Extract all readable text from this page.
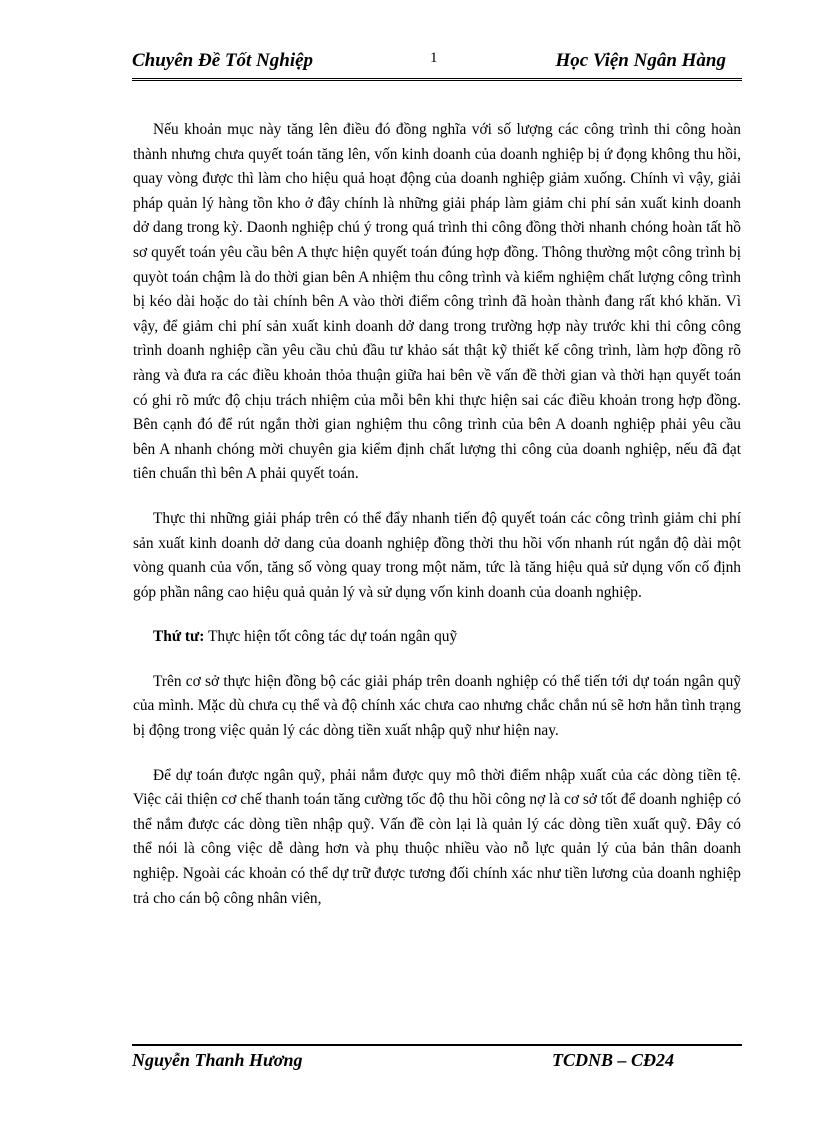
Chuyên Đề Tốt Nghiệp	1	Học Viện Ngân Hàng

Nếu khoản mục này tăng lên điều đó đồng nghĩa với số lượng các công trình thi công hoàn thành nhưng chưa quyết toán tăng lên, vốn kinh doanh của doanh nghiệp bị ứ đọng không thu hồi, quay vòng được thì làm cho hiệu quả hoạt động của doanh nghiệp giảm xuống. Chính vì vậy, giải pháp quản lý hàng tồn kho ở đây chính là những giải pháp làm giảm chi phí sản xuất kinh doanh dở dang trong kỳ. Daonh nghiệp chú ý trong quá trình thi công đồng thời nhanh chóng hoàn tất hồ sơ quyết toán yêu cầu bên A thực hiện quyết toán đúng hợp đồng. Thông thường một công trình bị quyòt toán chậm là do thời gian bên A nhiệm thu công trình và kiểm nghiệm chất lượng công trình bị kéo dài hoặc do tài chính bên A vào thời điểm công trình đã hoàn thành đang rất khó khăn. Vì vậy, để giảm chi phí sản xuất kinh doanh dở dang trong trường hợp này trước khi thi công công trình doanh nghiệp cần yêu cầu chủ đầu tư khảo sát thật kỹ thiết kế công trình, làm hợp đồng rõ ràng và đưa ra các điều khoản thỏa thuận giữa hai bên về vấn đề thời gian và thời hạn quyết toán có ghi rõ mức độ chịu trách nhiệm của mỗi bên khi thực hiện sai các điều khoản trong hợp đồng. Bên cạnh đó để rút ngắn thời gian nghiệm thu công trình của bên A doanh nghiệp phải yêu cầu bên A nhanh chóng mời chuyên gia kiểm định chất lượng thi công của doanh nghiệp, nếu đã đạt tiên chuẩn thì bên A phải quyết toán.

Thực thi những giải pháp trên có thể đẩy nhanh tiến độ quyết toán các công trình giảm chi phí sản xuất kinh doanh dở dang của doanh nghiệp đồng thời thu hồi vốn nhanh rút ngắn độ dài một vòng quanh của vốn, tăng số vòng quay trong một năm, tức là tăng hiệu quả sử dụng vốn cố định góp phần nâng cao hiệu quả quản lý và sử dụng vốn kinh doanh của doanh nghiệp.

Thứ tư: Thực hiện tốt công tác dự toán ngân quỹ

Trên cơ sở thực hiện đồng bộ các giải pháp trên doanh nghiệp có thể tiến tới dự toán ngân quỹ của mình. Mặc dù chưa cụ thể và độ chính xác chưa cao nhưng chắc chắn nú sẽ hơn hẳn tình trạng bị động trong việc quản lý các dòng tiền xuất nhập quỹ như hiện nay.

Để dự toán được ngân quỹ, phải nắm được quy mô thời điểm nhập xuất của các dòng tiền tệ. Việc cải thiện cơ chế thanh toán tăng cường tốc độ thu hồi công nợ là cơ sở tốt để doanh nghiệp có thể nắm được các dòng tiền nhập quỹ. Vấn đề còn lại là quản lý các dòng tiền xuất quỹ. Đây có thể nói là công việc dễ dàng hơn và phụ thuộc nhiều vào nỗ lực quản lý của bản thân doanh nghiệp. Ngoài các khoản có thể dự trữ được tương đối chính xác như tiền lương của doanh nghiệp trả cho cán bộ công nhân viên,

Nguyễn Thanh Hương	TCDNB – CĐ24
